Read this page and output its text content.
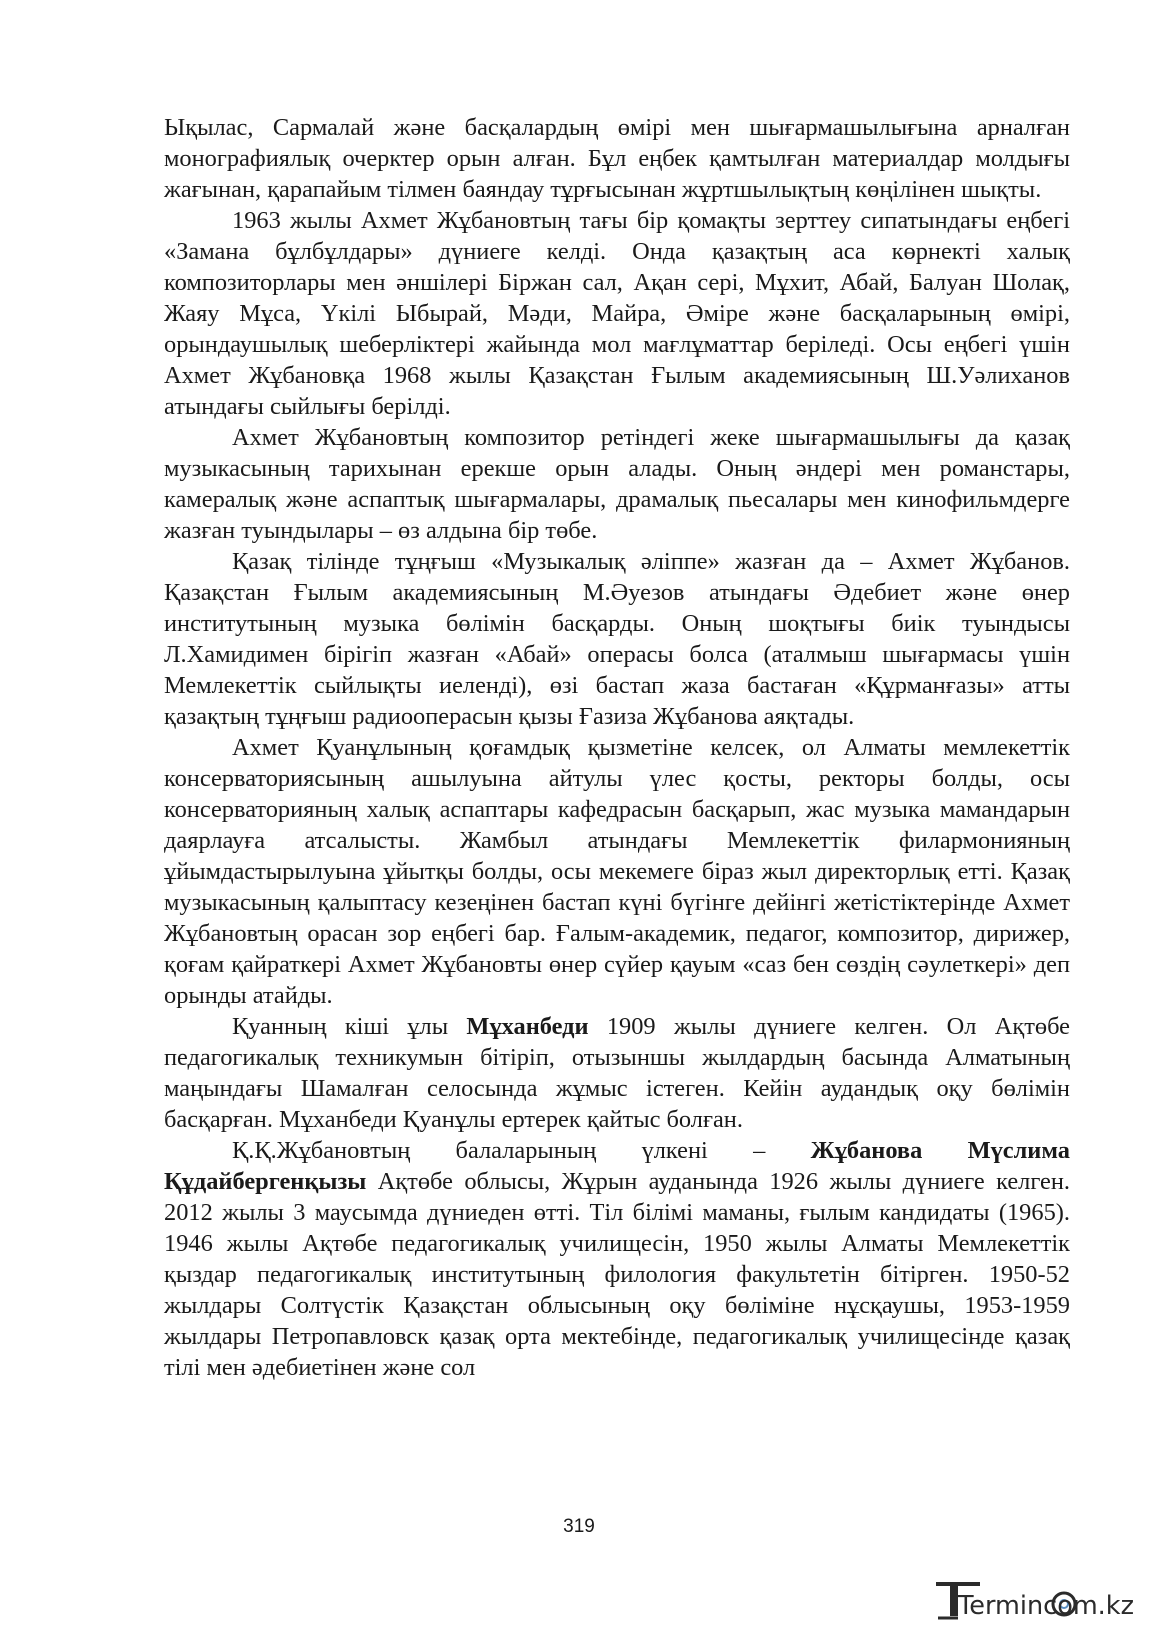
Ықылас, Сармалай және басқалардың өмірі мен шығармашылығына арналған монографиялық очерктер орын алған. Бұл еңбек қамтылған материалдар молдығы жағынан, қарапайым тілмен баяндау тұрғысынан жұртшылықтың көңілінен шықты.

1963 жылы Ахмет Жұбановтың тағы бір қомақты зерттеу сипатындағы еңбегі «Замана бұлбұлдары» дүниеге келді. Онда қазақтың аса көрнекті халық композиторлары мен әншілері Біржан сал, Ақан сері, Мұхит, Абай, Балуан Шолақ, Жаяу Мұса, Үкілі Ыбырай, Мәди, Майра, Әміре және басқаларының өмірі, орындаушылық шеберліктері жайында мол мағлұматтар беріледі. Осы еңбегі үшін Ахмет Жұбановқа 1968 жылы Қазақстан Ғылым академиясының Ш.Уәлиханов атындағы сыйлығы берілді.

Ахмет Жұбановтың композитор ретіндегі жеке шығармашылығы да қазақ музыкасының тарихынан ерекше орын алады. Оның әндері мен романстары, камералық және аспаптық шығармалары, драмалық пьесалары мен кинофильмдерге жазған туындылары – өз алдына бір төбе.

Қазақ тілінде тұңғыш «Музыкалық әліппе» жазған да – Ахмет Жұбанов. Қазақстан Ғылым академиясының М.Әуезов атындағы Әдебиет және өнер институтының музыка бөлімін басқарды. Оның шоқтығы биік туындысы Л.Хамидимен бірігіп жазған «Абай» операсы болса (аталмыш шығармасы үшін Мемлекеттік сыйлықты иеленді), өзі бастап жаза бастаған «Құрманғазы» атты қазақтың тұңғыш радиооперасын қызы Ғазиза Жұбанова аяқтады.

Ахмет Қуанұлының қоғамдық қызметіне келсек, ол Алматы мемлекеттік консерваториясының ашылуына айтулы үлес қосты, ректоры болды, осы консерваторияның халық аспаптары кафедрасын басқарып, жас музыка мамандарын даярлауға атсалысты. Жамбыл атындағы Мемлекеттік филармонияның ұйымдастырылуына ұйытқы болды, осы мекемеге біраз жыл директорлық етті. Қазақ музыкасының қалыптасу кезеңінен бастап күні бүгінге дейінгі жетістіктерінде Ахмет Жұбановтың орасан зор еңбегі бар. Ғалым-академик, педагог, композитор, дирижер, қоғам қайраткері Ахмет Жұбановты өнер сүйер қауым «саз бен сөздің сәулеткері» деп орынды атайды.

Қуанның кіші ұлы Мұханбеди 1909 жылы дүниеге келген. Ол Ақтөбе педагогикалық техникумын бітіріп, отызыншы жылдардың басында Алматының маңындағы Шамалған селосында жұмыс істеген. Кейін аудандық оқу бөлімін басқарған. Мұханбеди Қуанұлы ертерек қайтыс болған.

Қ.Қ.Жұбановтың балаларының үлкені – Жұбанова Мүслима Құдайбергенқызы Ақтөбе облысы, Жұрын ауданында 1926 жылы дүниеге келген. 2012 жылы 3 маусымда дүниеден өтті. Тіл білімі маманы, ғылым кандидаты (1965). 1946 жылы Ақтөбе педагогикалық училищесін, 1950 жылы Алматы Мемлекеттік қыздар педагогикалық институтының филология факультетін бітірген. 1950-52 жылдары Солтүстік Қазақстан облысының оқу бөліміне нұсқаушы, 1953-1959 жылдары Петропавловск қазақ орта мектебінде, педагогикалық училищесінде қазақ тілі мен әдебиетінен және сол

319
Termincom.kz
